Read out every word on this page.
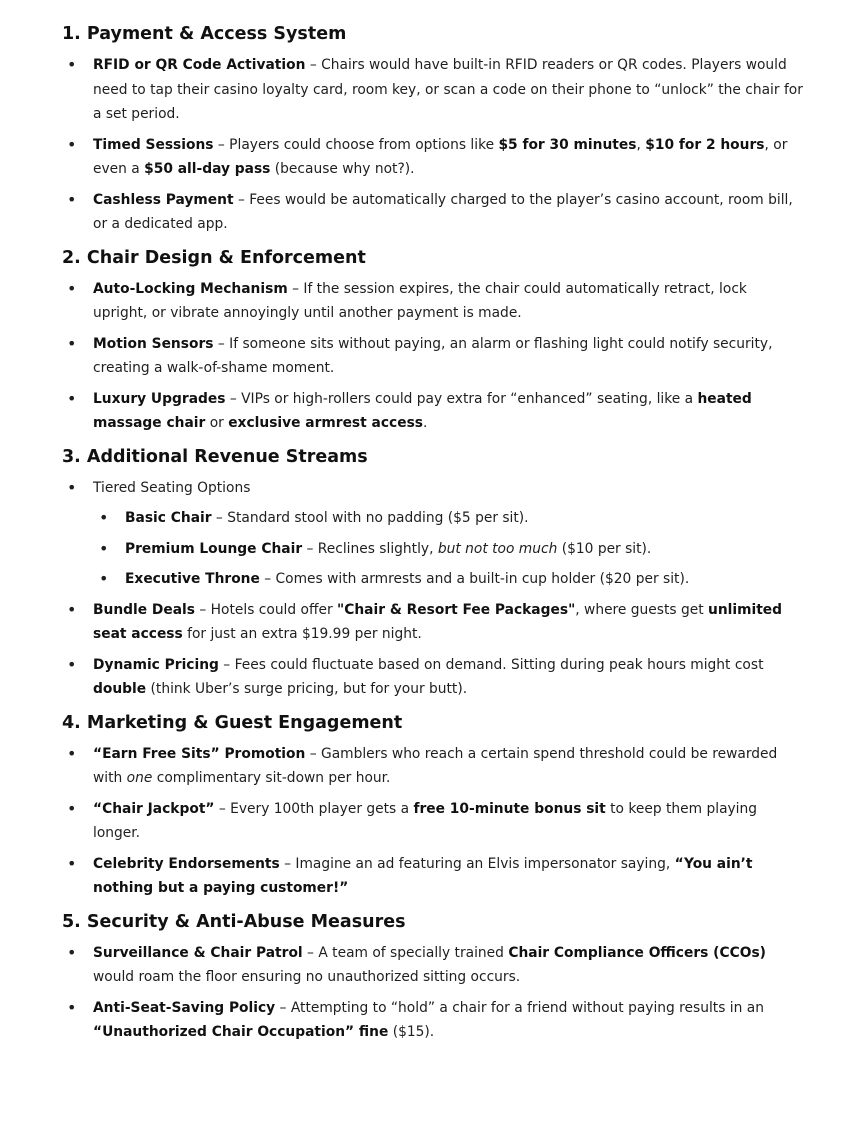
1. Payment & Access System
• RFID or QR Code Activation – Chairs would have built-in RFID readers or QR codes. Players would need to tap their casino loyalty card, room key, or scan a code on their phone to “unlock” the chair for a set period.
• Timed Sessions – Players could choose from options like $5 for 30 minutes, $10 for 2 hours, or even a $50 all-day pass (because why not?).
• Cashless Payment – Fees would be automatically charged to the player’s casino account, room bill, or a dedicated app.
2. Chair Design & Enforcement
• Auto-Locking Mechanism – If the session expires, the chair could automatically retract, lock upright, or vibrate annoyingly until another payment is made.
• Motion Sensors – If someone sits without paying, an alarm or flashing light could notify security, creating a walk-of-shame moment.
• Luxury Upgrades – VIPs or high-rollers could pay extra for “enhanced” seating, like a heated massage chair or exclusive armrest access.
3. Additional Revenue Streams
• Tiered Seating Options
• Basic Chair – Standard stool with no padding ($5 per sit).
• Premium Lounge Chair – Reclines slightly, but not too much ($10 per sit).
• Executive Throne – Comes with armrests and a built-in cup holder ($20 per sit).
• Bundle Deals – Hotels could offer "Chair & Resort Fee Packages", where guests get unlimited seat access for just an extra $19.99 per night.
• Dynamic Pricing – Fees could fluctuate based on demand. Sitting during peak hours might cost double (think Uber’s surge pricing, but for your butt).
4. Marketing & Guest Engagement
• “Earn Free Sits” Promotion – Gamblers who reach a certain spend threshold could be rewarded with one complimentary sit-down per hour.
• “Chair Jackpot” – Every 100th player gets a free 10-minute bonus sit to keep them playing longer.
• Celebrity Endorsements – Imagine an ad featuring an Elvis impersonator saying, “You ain’t nothing but a paying customer!”
5. Security & Anti-Abuse Measures
• Surveillance & Chair Patrol – A team of specially trained Chair Compliance Officers (CCOs) would roam the floor ensuring no unauthorized sitting occurs.
• Anti-Seat-Saving Policy – Attempting to “hold” a chair for a friend without paying results in an “Unauthorized Chair Occupation” fine ($15).
